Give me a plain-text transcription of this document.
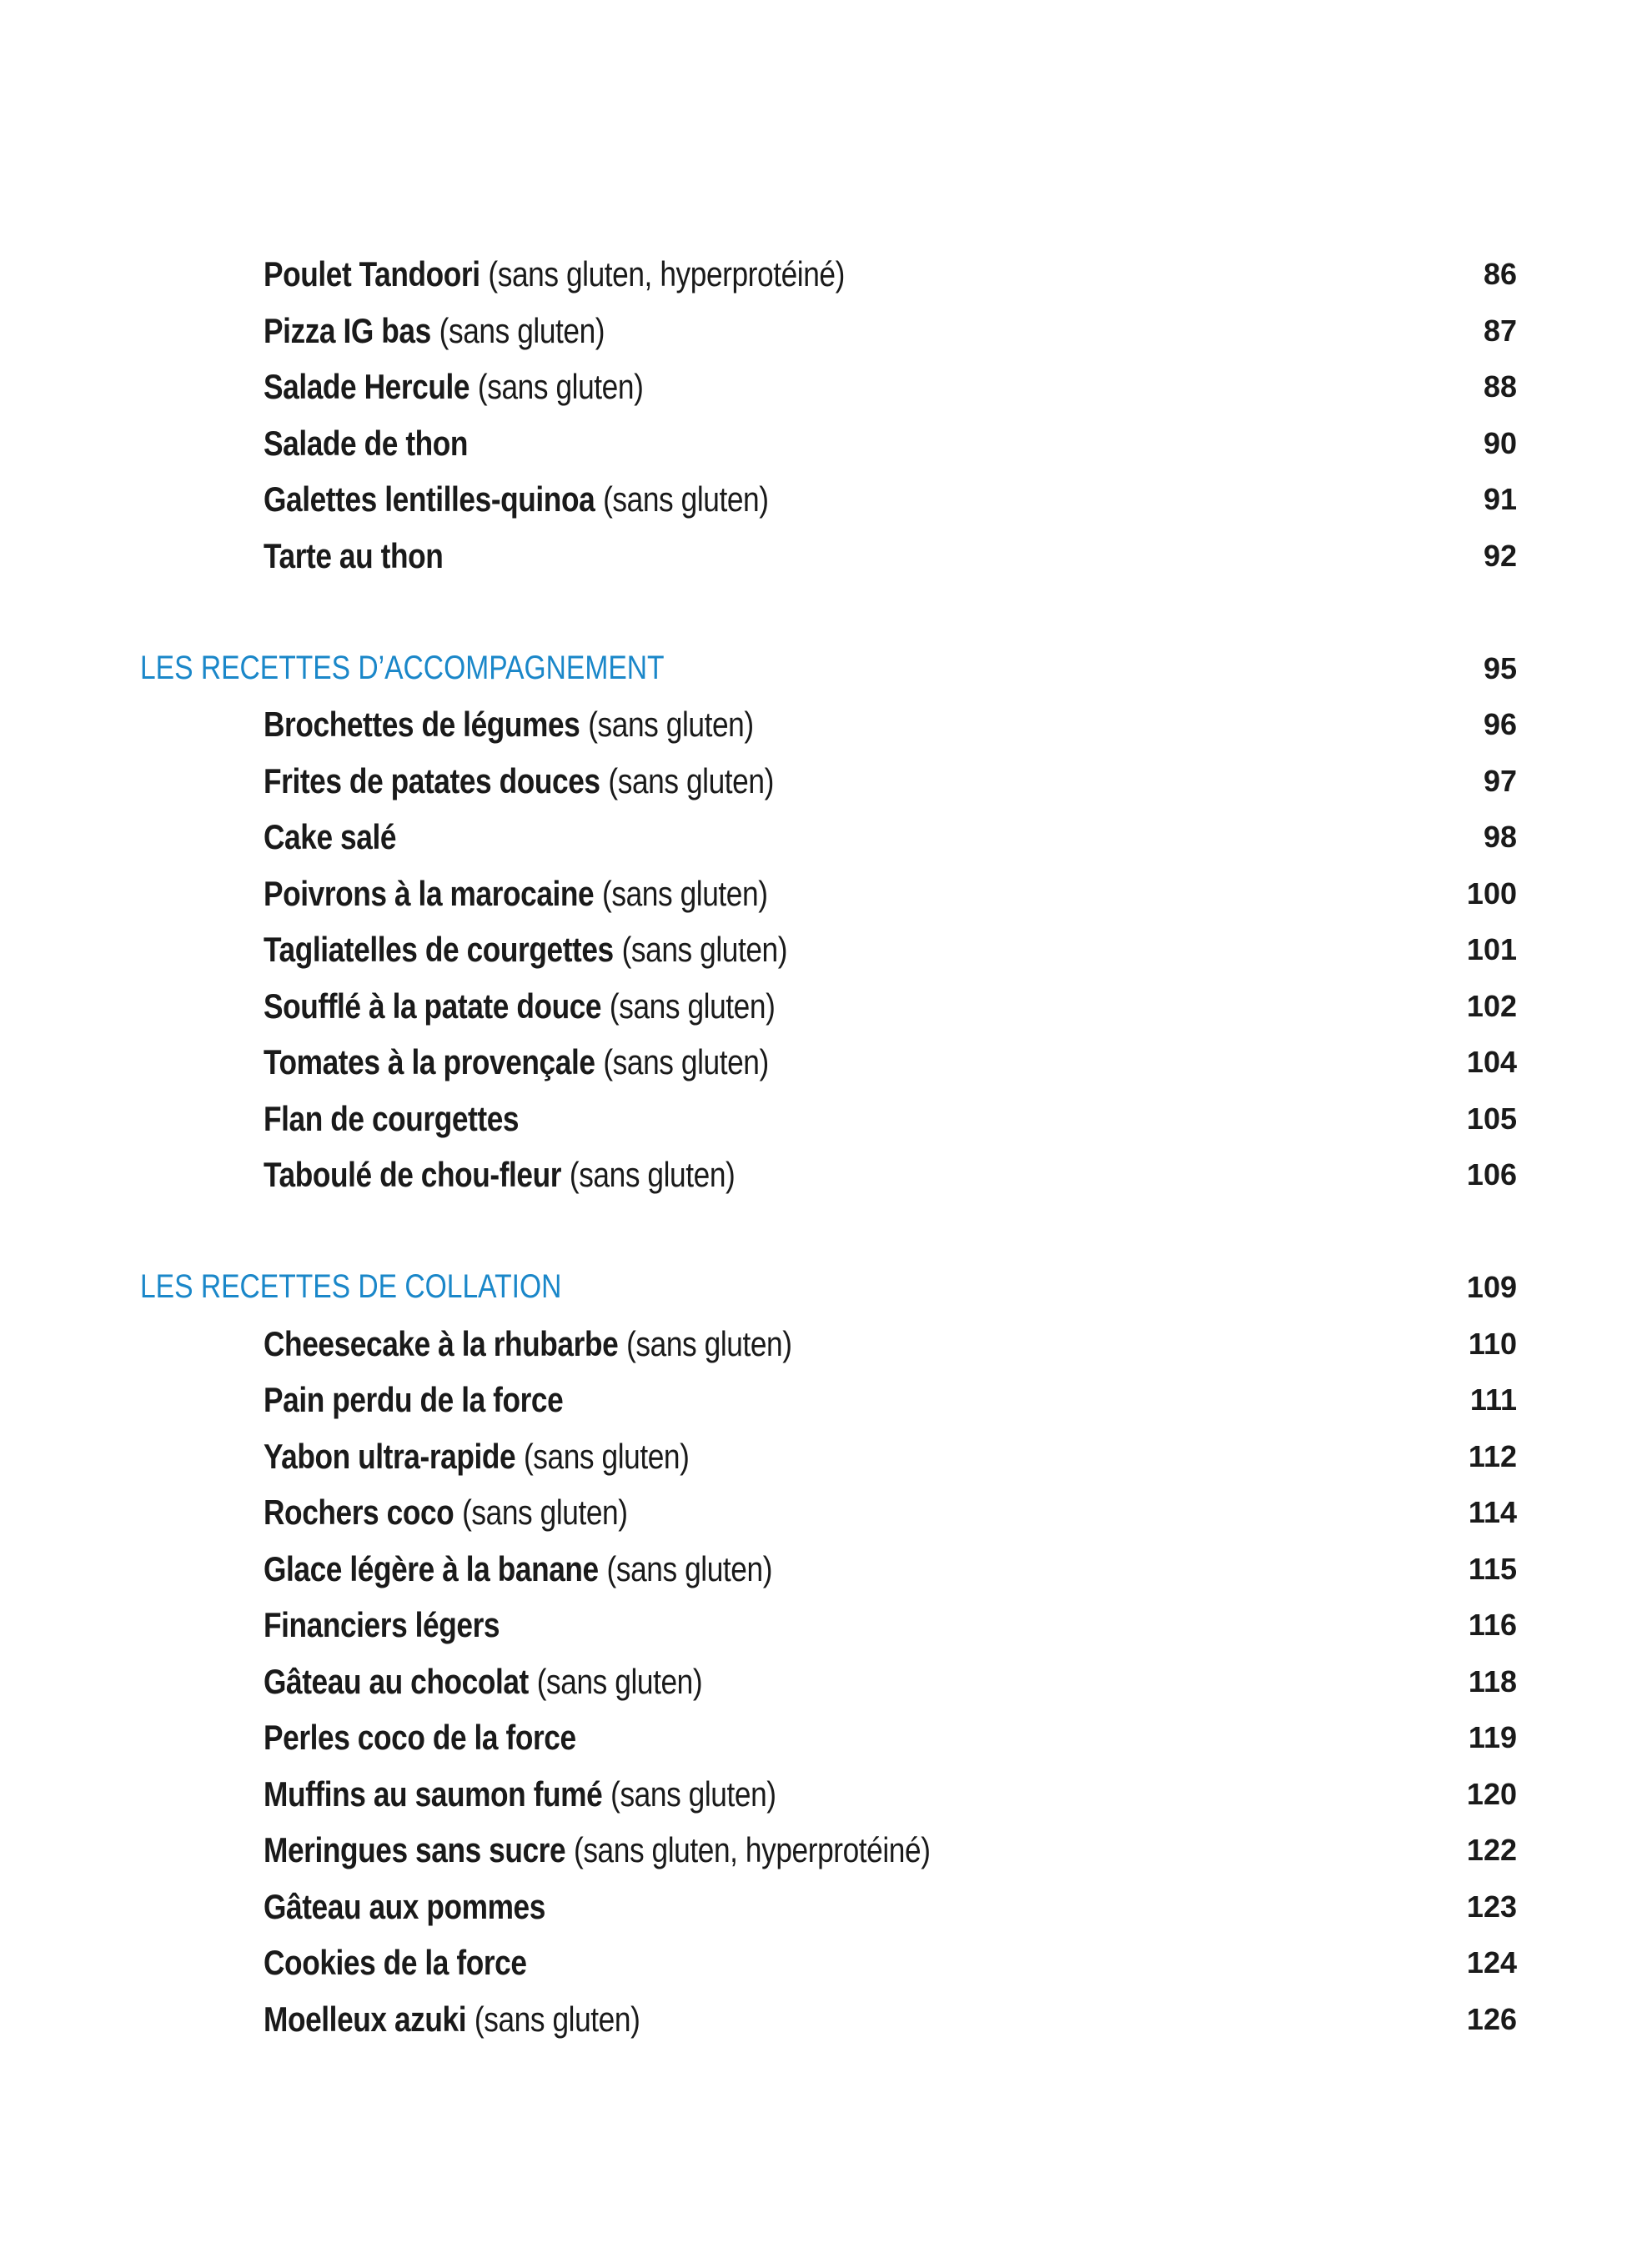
Poulet Tandoori (sans gluten, hyperprotéiné)	86
Pizza IG bas (sans gluten)	87
Salade Hercule (sans gluten)	88
Salade de thon	90
Galettes lentilles-quinoa (sans gluten)	91
Tarte au thon	92
LES RECETTES D’ACCOMPAGNEMENT	95
Brochettes de légumes (sans gluten)	96
Frites de patates douces (sans gluten)	97
Cake salé	98
Poivrons à la marocaine (sans gluten)	100
Tagliatelles de courgettes (sans gluten)	101
Soufflé à la patate douce (sans gluten)	102
Tomates à la provençale (sans gluten)	104
Flan de courgettes	105
Taboulé de chou-fleur (sans gluten)	106
LES RECETTES DE COLLATION	109
Cheesecake à la rhubarbe (sans gluten)	110
Pain perdu de la force	111
Yabon ultra-rapide (sans gluten)	112
Rochers coco (sans gluten)	114
Glace légère à la banane (sans gluten)	115
Financiers légers	116
Gâteau au chocolat (sans gluten)	118
Perles coco de la force	119
Muffins au saumon fumé (sans gluten)	120
Meringues sans sucre (sans gluten, hyperprotéiné)	122
Gâteau aux pommes	123
Cookies de la force	124
Moelleux azuki (sans gluten)	126
